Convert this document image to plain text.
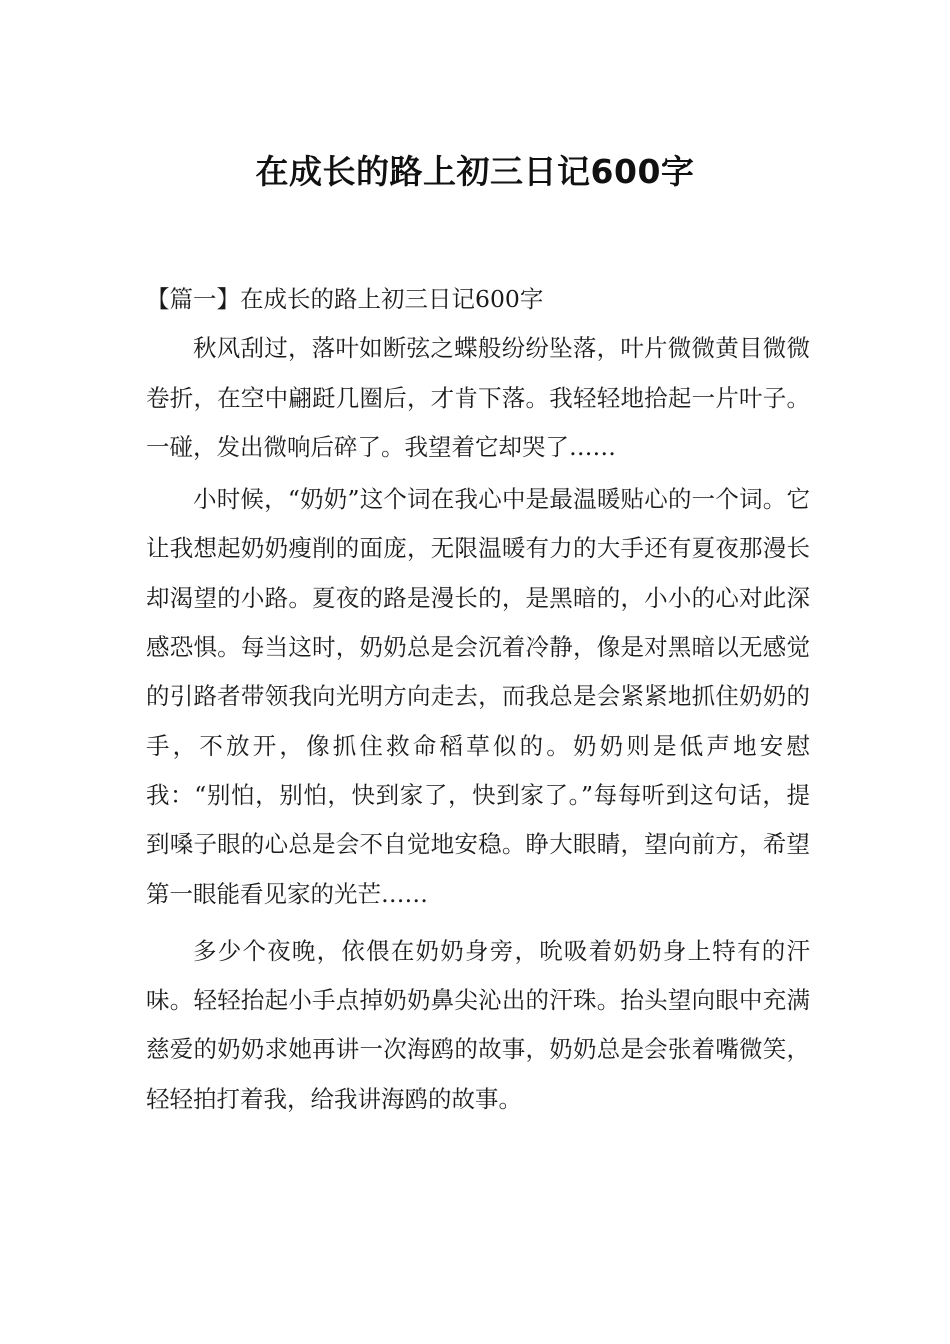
在成长的路上初三日记600字
【篇一】在成长的路上初三日记600字

秋风刮过，落叶如断弦之蝶般纷纷坠落，叶片微微黄目微微卷折，在空中翩跹几圈后，才肯下落。我轻轻地拾起一片叶子。一碰，发出微响后碎了。我望着它却哭了……

小时候，“奶奶”这个词在我心中是最温暖贴心的一个词。它让我想起奶奶瘦削的面庞，无限温暖有力的大手还有夏夜那漫长却渴望的小路。夏夜的路是漫长的，是黑暗的，小小的心对此深感恐惧。每当这时，奶奶总是会沉着冷静，像是对黑暗以无感觉的引路者带领我向光明方向走去，而我总是会紧紧地抓住奶奶的手，不放开，像抓住救命稻草似的。奶奶则是低声地安慰我：“别怕，别怕，快到家了，快到家了。”每每听到这句话，提到嗓子眼的心总是会不自觉地安稳。睁大眼睛，望向前方，希望第一眼能看见家的光芒……

多少个夜晚，依偎在奶奶身旁，吮吸着奶奶身上特有的汗味。轻轻抬起小手点掉奶奶鼻尖沁出的汗珠。抬头望向眼中充满慈爱的奶奶求她再讲一次海鸥的故事，奶奶总是会张着嘴微笑，轻轻拍打着我，给我讲海鸥的故事。
